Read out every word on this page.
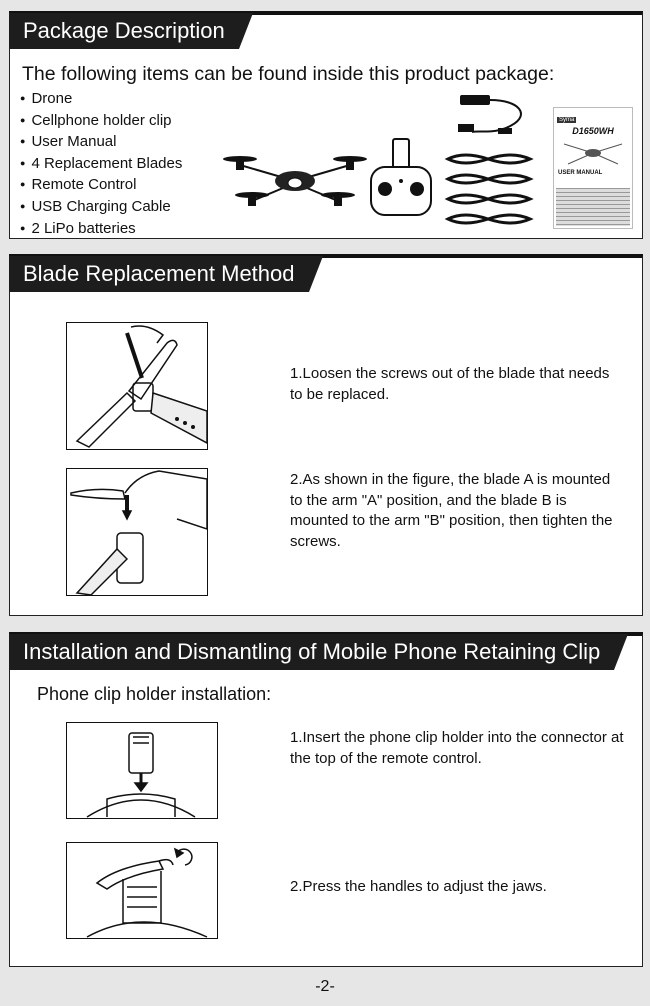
Package Description
The following items can be found inside this product package:
● Drone
● Cellphone holder clip
● User Manual
● 4 Replacement Blades
● Remote Control
● USB Charging Cable
● 2 LiPo batteries
Syma
D1650WH
USER MANUAL
Blade Replacement Method
1.Loosen the screws out of the blade that needs to be replaced.
2.As shown in the figure, the blade A is mounted to the arm "A" position, and the blade B is mounted to the arm "B" position, then tighten the screws.
Installation and Dismantling of Mobile Phone Retaining Clip
Phone clip holder installation:
1.Insert the phone clip holder into the connector at the top of the remote control.
2.Press the handles to adjust the jaws.
-2-
